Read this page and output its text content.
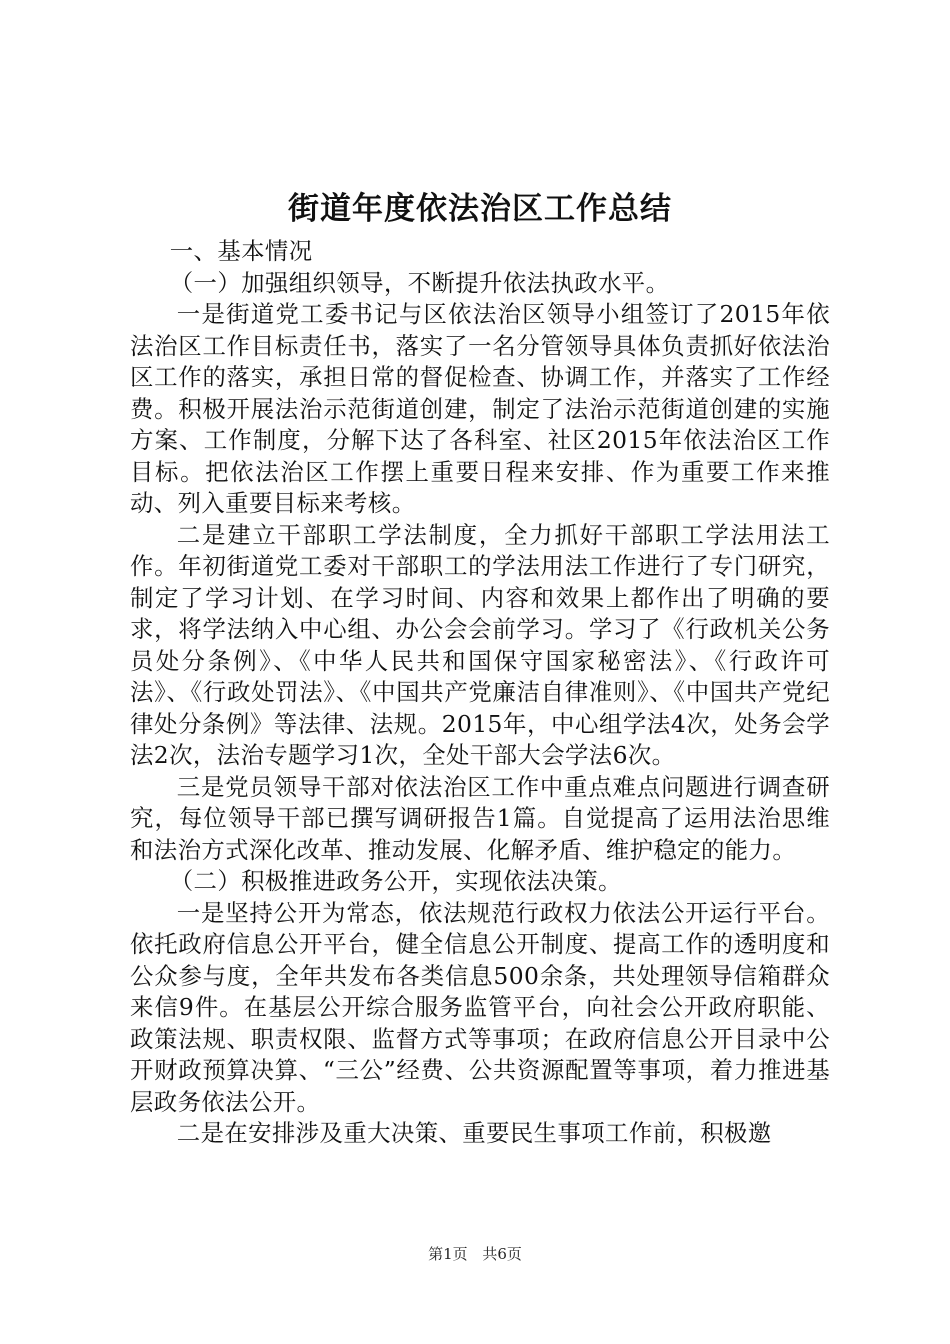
街道年度依法治区工作总结

一、基本情况

（一）加强组织领导，不断提升依法执政水平。

一是街道党工委书记与区依法治区领导小组签订了2015年依法治区工作目标责任书，落实了一名分管领导具体负责抓好依法治区工作的落实，承担日常的督促检查、协调工作，并落实了工作经费。积极开展法治示范街道创建，制定了法治示范街道创建的实施方案、工作制度，分解下达了各科室、社区2015年依法治区工作目标。把依法治区工作摆上重要日程来安排、作为重要工作来推动、列入重要目标来考核。

二是建立干部职工学法制度，全力抓好干部职工学法用法工作。年初街道党工委对干部职工的学法用法工作进行了专门研究，制定了学习计划、在学习时间、内容和效果上都作出了明确的要求，将学法纳入中心组、办公会会前学习。学习了《行政机关公务员处分条例》、《中华人民共和国保守国家秘密法》、《行政许可法》、《行政处罚法》、《中国共产党廉洁自律准则》、《中国共产党纪律处分条例》等法律、法规。2015年，中心组学法4次，处务会学法2次，法治专题学习1次，全处干部大会学法6次。

三是党员领导干部对依法治区工作中重点难点问题进行调查研究，每位领导干部已撰写调研报告1篇。自觉提高了运用法治思维和法治方式深化改革、推动发展、化解矛盾、维护稳定的能力。

（二）积极推进政务公开，实现依法决策。

一是坚持公开为常态，依法规范行政权力依法公开运行平台。依托政府信息公开平台，健全信息公开制度、提高工作的透明度和公众参与度，全年共发布各类信息500余条，共处理领导信箱群众来信9件。在基层公开综合服务监管平台，向社会公开政府职能、政策法规、职责权限、监督方式等事项；在政府信息公开目录中公开财政预算决算、“三公”经费、公共资源配置等事项，着力推进基层政务依法公开。

二是在安排涉及重大决策、重要民生事项工作前，积极邀

第1页 共6页
